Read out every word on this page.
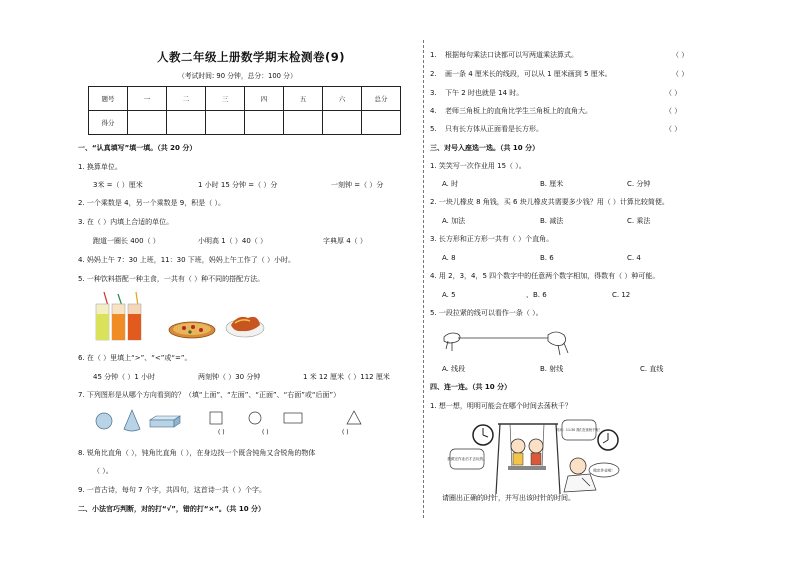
人教二年级上册数学期末检测卷(9)
（考试时间: 90 分钟，总分：100 分）
题号	一	二	三	四	五	六	总分
得分							
一、“认真填写”填一填。（共 20 分）
1. 换算单位。
3米 =（ ）厘米	1 小时 15 分钟 =（ ）分	一刻钟 =（ ）分
2. 一个乘数是 4，另一个乘数是 9，积是（ ）。
3. 在（ ）内填上合适的单位。
跑道一圈长 400（ ）	小明高 1（ ）40（ ）	字典厚 4（ ）
4. 妈妈上午 7：30 上班，11：30 下班，妈妈上午工作了（ ）小时。
5. 一种饮料搭配一种主食，一共有（ ）种不同的搭配方法。
6. 在（ ）里填上“>”、“<”或“=”。
45 分钟（ ）1 小时	两刻钟（ ）30 分钟	1 米 12 厘米（ ）112 厘米
7. 下列图形是从哪个方向看到的？（填“上面”、“左面”、“正面”、“右面”或“后面”）
( )	( )	( )
8. 锐角比直角（ ），钝角比直角（ ），在身边找一个既含钝角又含锐角的物体
（ ）。
9. 一首古诗，每句 7 个字，共四句，这首诗一共（ ）个字。
二、小法官巧判断，对的打“√”，错的打“×”。（共 10 分）
1. 根据每句乘法口诀都可以写两道乘法算式。	（ ）
2. 画一条 4 厘米长的线段，可以从 1 厘米画到 5 厘米。	（ ）
3. 下午 2 时也就是 14 时。	（ ）
4. 老师三角板上的直角比学生三角板上的直角大。	（ ）
5. 只有长方体从正面看是长方形。	（ ）
三、对号入座选一选。（共 10 分）
1. 笑笑写一次作业用 15（ ）。
A. 时	B. 厘米	C. 分钟
2. 一块儿橡皮 8 角钱，买 6 块儿橡皮共需要多少钱？用（ ）计算比较简便。
A. 加法	B. 减法	C. 乘法
3. 长方形和正方形一共有（ ）个直角。
A. 8	B. 6	C. 4
4. 用 2，3，4，5 四个数字中的任意两个数字相加，得数有（ ）种可能。
A. 5	、B. 6	C. 12
5. 一段拉紧的线可以看作一条（ ）。
A. 线段	B. 射线	C. 直线
四、连一连。（共 10 分）
1. 想一想，明明可能会在哪个时间去荡秋千？
我做完作业后才去玩的。
时间：11:30 我们在荡秋千呢！
做完作业啦！
请圈出正确的时针，并写出该时针的时间。
